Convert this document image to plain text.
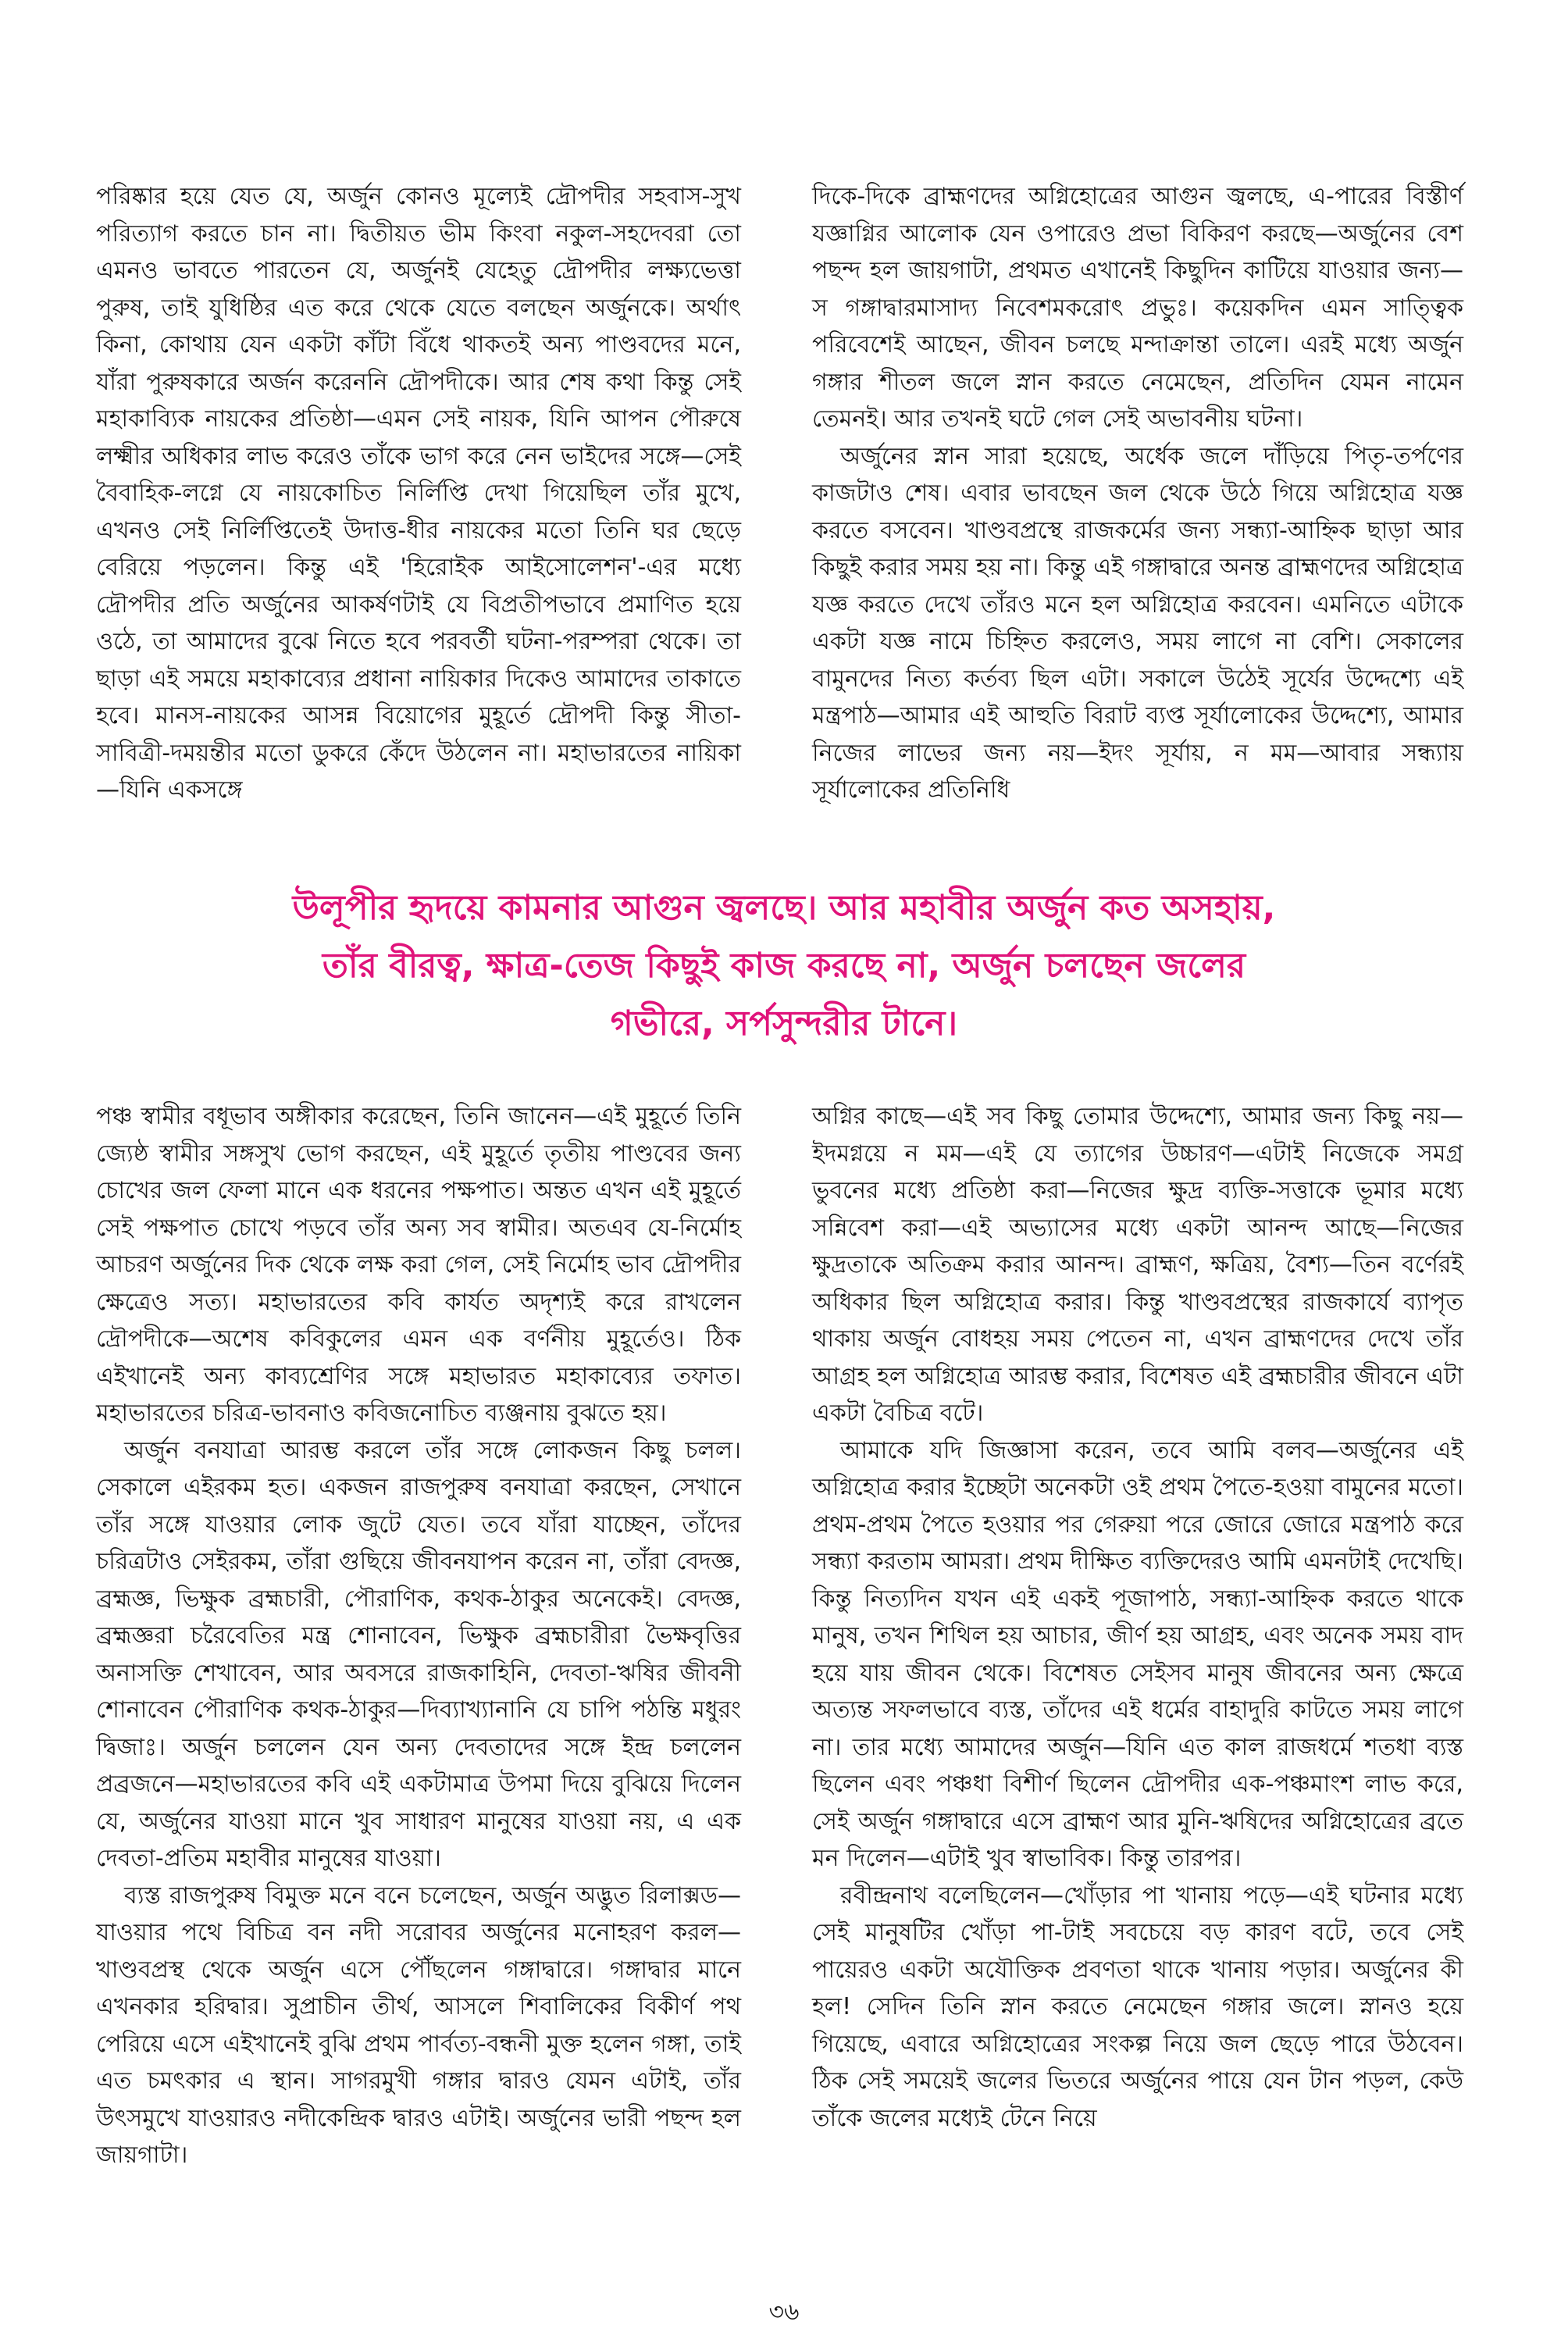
পরিষ্কার হয়ে যেত যে, অর্জুন কোনও মূল্যেই দ্রৌপদীর সহবাস-সুখ পরিত্যাগ করতে চান না। দ্বিতীয়ত ভীম কিংবা নকুল-সহদেবরা তো এমনও ভাবতে পারতেন যে, অর্জুনই যেহেতু দ্রৌপদীর লক্ষ্যভেত্তা পুরুষ, তাই যুধিষ্ঠির এত করে থেকে যেতে বলছেন অর্জুনকে। অর্থাৎ কিনা, কোথায় যেন একটা কাঁটা বিঁধে থাকতই অন্য পাণ্ডবদের মনে, যাঁরা পুরুষকারে অর্জন করেননি দ্রৌপদীকে। আর শেষ কথা কিন্তু সেই মহাকাব্যিক নায়কের প্রতিষ্ঠা—এমন সেই নায়ক, যিনি আপন পৌরুষে লক্ষ্মীর অধিকার লাভ করেও তাঁকে ভাগ করে নেন ভাইদের সঙ্গে—সেই বৈবাহিক-লগ্নে যে নায়কোচিত নির্লিপ্তি দেখা গিয়েছিল তাঁর মুখে, এখনও সেই নির্লিপ্তিতেই উদাত্ত-ধীর নায়কের মতো তিনি ঘর ছেড়ে বেরিয়ে পড়লেন। কিন্তু এই 'হিরোইক আইসোলেশন'-এর মধ্যে দ্রৌপদীর প্রতি অর্জুনের আকর্ষণটাই যে বিপ্রতীপভাবে প্রমাণিত হয়ে ওঠে, তা আমাদের বুঝে নিতে হবে পরবর্তী ঘটনা-পরম্পরা থেকে। তা ছাড়া এই সময়ে মহাকাব্যের প্রধানা নায়িকার দিকেও আমাদের তাকাতে হবে। মানস-নায়কের আসন্ন বিয়োগের মুহূর্তে দ্রৌপদী কিন্তু সীতা-সাবিত্রী-দময়ন্তীর মতো ডুকরে কেঁদে উঠলেন না। মহাভারতের নায়িকা—যিনি একসঙ্গে

দিকে-দিকে ব্রাহ্মণদের অগ্নিহোত্রের আগুন জ্বলছে, এ-পারের বিস্তীর্ণ যজ্ঞাগ্নির আলোক যেন ওপারেও প্রভা বিকিরণ করছে—অর্জুনের বেশ পছন্দ হল জায়গাটা, প্রথমত এখানেই কিছুদিন কাটিয়ে যাওয়ার জন্য—স গঙ্গাদ্বারমাসাদ্য নিবেশমকরোৎ প্রভুঃ। কয়েকদিন এমন সাত্ত্বিক পরিবেশেই আছেন, জীবন চলছে মন্দাক্রান্তা তালে। এরই মধ্যে অর্জুন গঙ্গার শীতল জলে স্নান করতে নেমেছেন, প্রতিদিন যেমন নামেন তেমনই। আর তখনই ঘটে গেল সেই অভাবনীয় ঘটনা।

অর্জুনের স্নান সারা হয়েছে, অর্ধেক জলে দাঁড়িয়ে পিতৃ-তর্পণের কাজটাও শেষ। এবার ভাবছেন জল থেকে উঠে গিয়ে অগ্নিহোত্র যজ্ঞ করতে বসবেন। খাণ্ডবপ্রস্থে রাজকর্মের জন্য সন্ধ্যা-আহ্নিক ছাড়া আর কিছুই করার সময় হয় না। কিন্তু এই গঙ্গাদ্বারে অনন্ত ব্রাহ্মণদের অগ্নিহোত্র যজ্ঞ করতে দেখে তাঁরও মনে হল অগ্নিহোত্র করবেন। এমনিতে এটাকে একটা যজ্ঞ নামে চিহ্নিত করলেও, সময় লাগে না বেশি। সেকালের বামুনদের নিত্য কর্তব্য ছিল এটা। সকালে উঠেই সূর্যের উদ্দেশ্যে এই মন্ত্রপাঠ—আমার এই আহুতি বিরাট ব্যপ্ত সূর্যালোকের উদ্দেশ্যে, আমার নিজের লাভের জন্য নয়—ইদং সূর্যায়, ন মম—আবার সন্ধ্যায় সূর্যালোকের প্রতিনিধি

উলূপীর হৃদয়ে কামনার আগুন জ্বলছে। আর মহাবীর অর্জুন কত অসহায়,
তাঁর বীরত্ব, ক্ষাত্র-তেজ কিছুই কাজ করছে না, অর্জুন চলছেন জলের
গভীরে, সর্পসুন্দরীর টানে।

পঞ্চ স্বামীর বধূভাব অঙ্গীকার করেছেন, তিনি জানেন—এই মুহূর্তে তিনি জ্যেষ্ঠ স্বামীর সঙ্গসুখ ভোগ করছেন, এই মুহূর্তে তৃতীয় পাণ্ডবের জন্য চোখের জল ফেলা মানে এক ধরনের পক্ষপাত। অন্তত এখন এই মুহূর্তে সেই পক্ষপাত চোখে পড়বে তাঁর অন্য সব স্বামীর। অতএব যে-নির্মোহ আচরণ অর্জুনের দিক থেকে লক্ষ করা গেল, সেই নির্মোহ ভাব দ্রৌপদীর ক্ষেত্রেও সত্য। মহাভারতের কবি কার্যত অদৃশ্যই করে রাখলেন দ্রৌপদীকে—অশেষ কবিকুলের এমন এক বর্ণনীয় মুহূর্তেও। ঠিক এইখানেই অন্য কাব্যশ্রেণির সঙ্গে মহাভারত মহাকাব্যের তফাত। মহাভারতের চরিত্র-ভাবনাও কবিজনোচিত ব্যঞ্জনায় বুঝতে হয়।

অর্জুন বনযাত্রা আরম্ভ করলে তাঁর সঙ্গে লোকজন কিছু চলল। সেকালে এইরকম হত। একজন রাজপুরুষ বনযাত্রা করছেন, সেখানে তাঁর সঙ্গে যাওয়ার লোক জুটে যেত। তবে যাঁরা যাচ্ছেন, তাঁদের চরিত্রটাও সেইরকম, তাঁরা গুছিয়ে জীবনযাপন করেন না, তাঁরা বেদজ্ঞ, ব্রহ্মজ্ঞ, ভিক্ষুক ব্রহ্মচারী, পৌরাণিক, কথক-ঠাকুর অনেকেই। বেদজ্ঞ, ব্রহ্মজ্ঞরা চরৈবেতির মন্ত্র শোনাবেন, ভিক্ষুক ব্রহ্মচারীরা ভৈক্ষবৃত্তির অনাসক্তি শেখাবেন, আর অবসরে রাজকাহিনি, দেবতা-ঋষির জীবনী শোনাবেন পৌরাণিক কথক-ঠাকুর—দিব্যাখ্যানানি যে চাপি পঠন্তি মধুরং দ্বিজাঃ। অর্জুন চললেন যেন অন্য দেবতাদের সঙ্গে ইন্দ্র চললেন প্রব্রজনে—মহাভারতের কবি এই একটামাত্র উপমা দিয়ে বুঝিয়ে দিলেন যে, অর্জুনের যাওয়া মানে খুব সাধারণ মানুষের যাওয়া নয়, এ এক দেবতা-প্রতিম মহাবীর মানুষের যাওয়া।

ব্যস্ত রাজপুরুষ বিমুক্ত মনে বনে চলেছেন, অর্জুন অদ্ভুত রিলাক্সড—যাওয়ার পথে বিচিত্র বন নদী সরোবর অর্জুনের মনোহরণ করল—খাণ্ডবপ্রস্থ থেকে অর্জুন এসে পৌঁছলেন গঙ্গাদ্বারে। গঙ্গাদ্বার মানে এখনকার হরিদ্বার। সুপ্রাচীন তীর্থ, আসলে শিবালিকের বিকীর্ণ পথ পেরিয়ে এসে এইখানেই বুঝি প্রথম পার্বত্য-বন্ধনী মুক্ত হলেন গঙ্গা, তাই এত চমৎকার এ স্থান। সাগরমুখী গঙ্গার দ্বারও যেমন এটাই, তাঁর উৎসমুখে যাওয়ারও নদীকেন্দ্রিক দ্বারও এটাই। অর্জুনের ভারী পছন্দ হল জায়গাটা।

অগ্নির কাছে—এই সব কিছু তোমার উদ্দেশ্যে, আমার জন্য কিছু নয়—ইদমগ্নয়ে ন মম—এই যে ত্যাগের উচ্চারণ—এটাই নিজেকে সমগ্র ভুবনের মধ্যে প্রতিষ্ঠা করা—নিজের ক্ষুদ্র ব্যক্তি-সত্তাকে ভূমার মধ্যে সন্নিবেশ করা—এই অভ্যাসের মধ্যে একটা আনন্দ আছে—নিজের ক্ষুদ্রতাকে অতিক্রম করার আনন্দ। ব্রাহ্মণ, ক্ষত্রিয়, বৈশ্য—তিন বর্ণেরই অধিকার ছিল অগ্নিহোত্র করার। কিন্তু খাণ্ডবপ্রস্থের রাজকার্যে ব্যাপৃত থাকায় অর্জুন বোধহয় সময় পেতেন না, এখন ব্রাহ্মণদের দেখে তাঁর আগ্রহ হল অগ্নিহোত্র আরম্ভ করার, বিশেষত এই ব্রহ্মচারীর জীবনে এটা একটা বৈচিত্র বটে।

আমাকে যদি জিজ্ঞাসা করেন, তবে আমি বলব—অর্জুনের এই অগ্নিহোত্র করার ইচ্ছেটা অনেকটা ওই প্রথম পৈতে-হওয়া বামুনের মতো। প্রথম-প্রথম পৈতে হওয়ার পর গেরুয়া পরে জোরে জোরে মন্ত্রপাঠ করে সন্ধ্যা করতাম আমরা। প্রথম দীক্ষিত ব্যক্তিদেরও আমি এমনটাই দেখেছি। কিন্তু নিত্যদিন যখন এই একই পূজাপাঠ, সন্ধ্যা-আহ্নিক করতে থাকে মানুষ, তখন শিথিল হয় আচার, জীর্ণ হয় আগ্রহ, এবং অনেক সময় বাদ হয়ে যায় জীবন থেকে। বিশেষত সেইসব মানুষ জীবনের অন্য ক্ষেত্রে অত্যন্ত সফলভাবে ব্যস্ত, তাঁদের এই ধর্মের বাহাদুরি কাটতে সময় লাগে না। তার মধ্যে আমাদের অর্জুন—যিনি এত কাল রাজধর্মে শতধা ব্যস্ত ছিলেন এবং পঞ্চধা বিশীর্ণ ছিলেন দ্রৌপদীর এক-পঞ্চমাংশ লাভ করে, সেই অর্জুন গঙ্গাদ্বারে এসে ব্রাহ্মণ আর মুনি-ঋষিদের অগ্নিহোত্রের ব্রতে মন দিলেন—এটাই খুব স্বাভাবিক। কিন্তু তারপর।

রবীন্দ্রনাথ বলেছিলেন—খোঁড়ার পা খানায় পড়ে—এই ঘটনার মধ্যে সেই মানুষটির খোঁড়া পা-টাই সবচেয়ে বড় কারণ বটে, তবে সেই পায়েরও একটা অযৌক্তিক প্রবণতা থাকে খানায় পড়ার। অর্জুনের কী হল! সেদিন তিনি স্নান করতে নেমেছেন গঙ্গার জলে। স্নানও হয়ে গিয়েছে, এবারে অগ্নিহোত্রের সংকল্প নিয়ে জল ছেড়ে পারে উঠবেন। ঠিক সেই সময়েই জলের ভিতরে অর্জুনের পায়ে যেন টান পড়ল, কেউ তাঁকে জলের মধ্যেই টেনে নিয়ে

৩৬
